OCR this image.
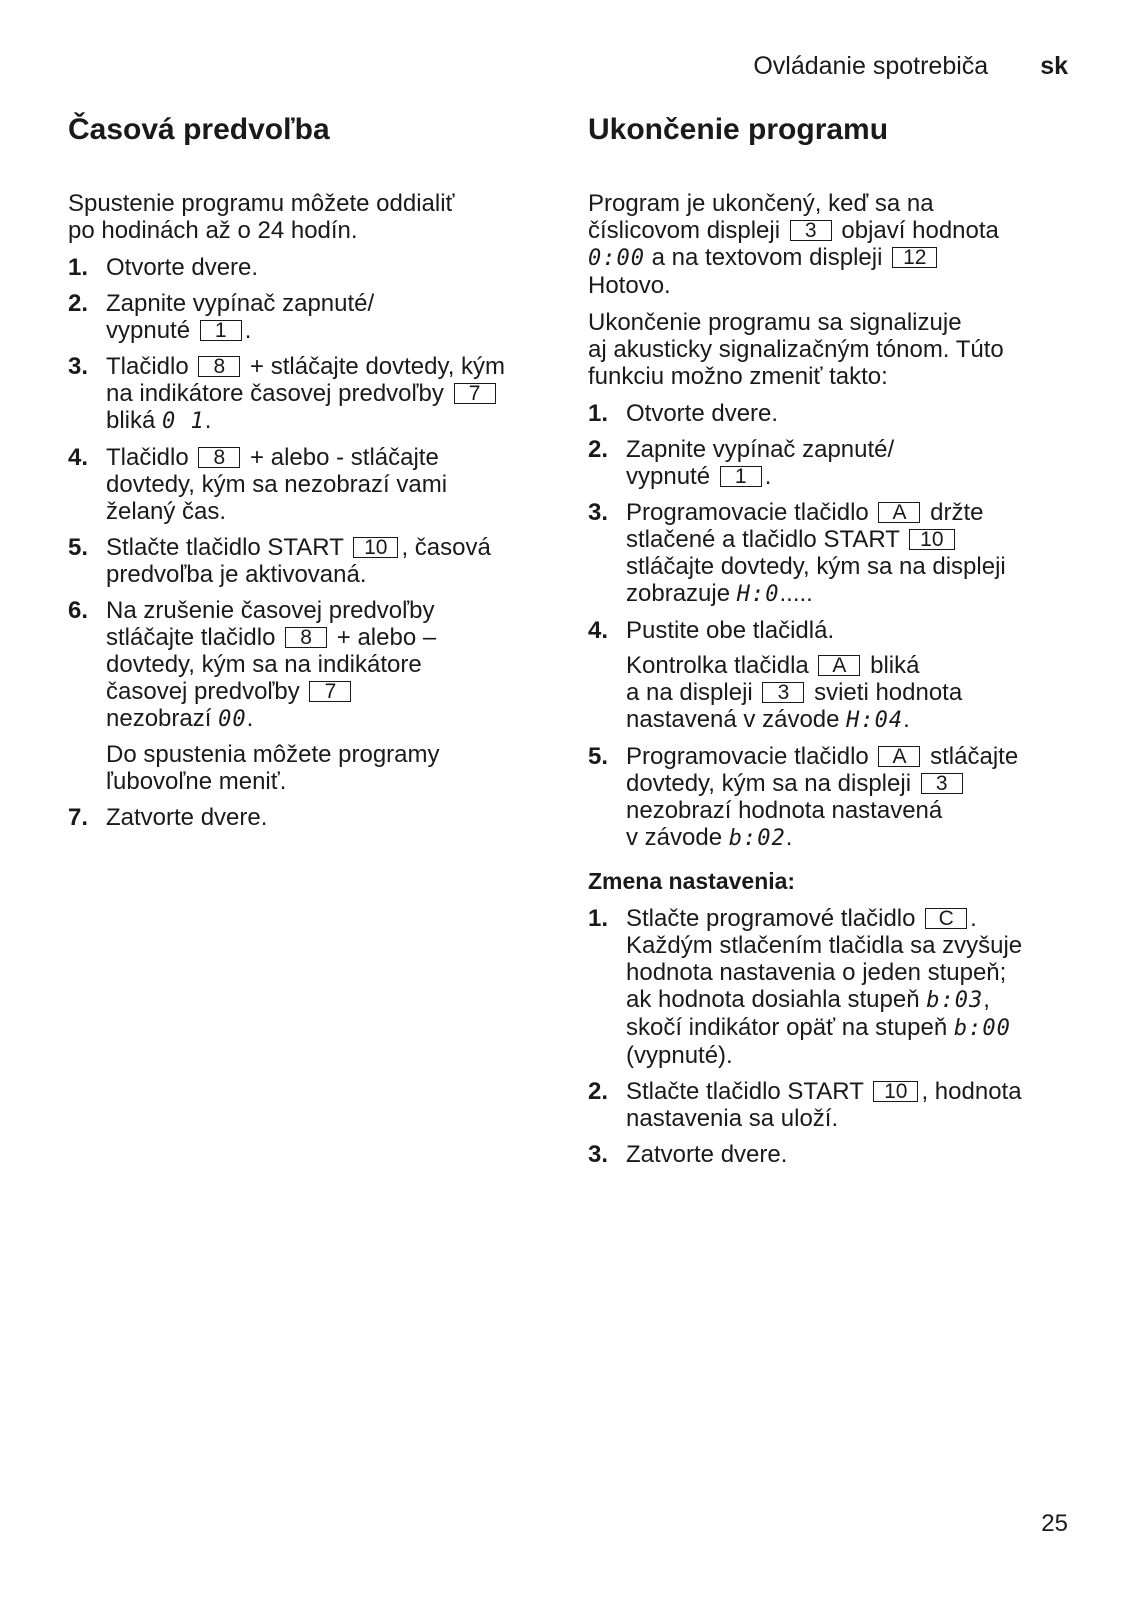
Ovládanie spotrebiča sk
Časová predvoľba

Spustenie programu môžete oddialiť
po hodinách až o 24 hodín.

1. Otvorte dvere.
2. Zapnite vypínač zapnuté/
vypnuté 1 .
3. Tlačidlo 8 + stláčajte dovtedy, kým
na indikátore časovej predvoľby 7
bliká 0 1.
4. Tlačidlo 8 + alebo - stláčajte
dovtedy, kým sa nezobrazí vami
želaný čas.
5. Stlačte tlačidlo START 10 , časová
predvoľba je aktivovaná.
6. Na zrušenie časovej predvoľby
stláčajte tlačidlo 8 + alebo –
dovtedy, kým sa na indikátore
časovej predvoľby 7
nezobrazí 00.
Do spustenia môžete programy
ľubovoľne meniť.
7. Zatvorte dvere.
Ukončenie programu

Program je ukončený, keď sa na
číslicovom displeji 3 objaví hodnota
0:00 a na textovom displeji 12
Hotovo.

Ukončenie programu sa signalizuje
aj akusticky signalizačným tónom. Túto
funkciu možno zmeniť takto:

1. Otvorte dvere.
2. Zapnite vypínač zapnuté/
vypnuté 1 .
3. Programovacie tlačidlo A držte
stlačené a tlačidlo START 10
stláčajte dovtedy, kým sa na displeji
zobrazuje H:0.....
4. Pustite obe tlačidlá.
Kontrolka tlačidla A bliká
a na displeji 3 svieti hodnota
nastavená v závode H:04.
5. Programovacie tlačidlo A stláčajte
dovtedy, kým sa na displeji 3
nezobrazí hodnota nastavená
v závode b:02.
Zmena nastavenia:
1. Stlačte programové tlačidlo C .
Každým stlačením tlačidla sa zvyšuje
hodnota nastavenia o jeden stupeň;
ak hodnota dosiahla stupeň b:03,
skočí indikátor opäť na stupeň b:00
(vypnuté).
2. Stlačte tlačidlo START 10 , hodnota
nastavenia sa uloží.
3. Zatvorte dvere.
25
